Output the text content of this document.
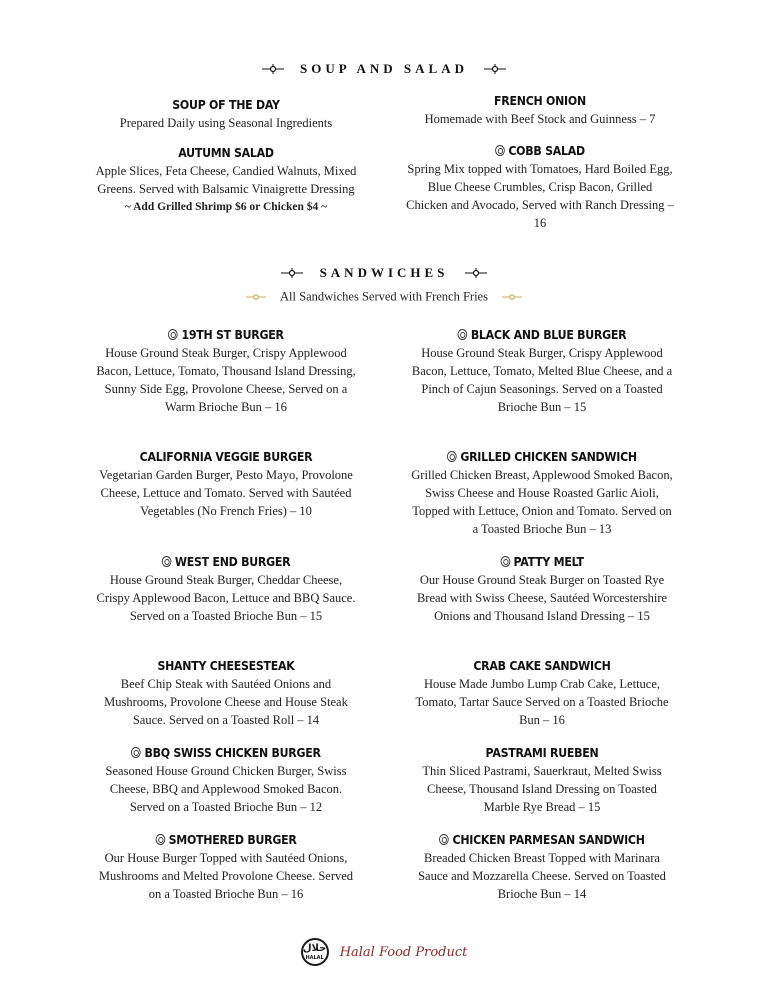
SOUP AND SALAD
SOUP OF THE DAY
Prepared Daily using Seasonal Ingredients
AUTUMN SALAD
Apple Slices, Feta Cheese, Candied Walnuts, Mixed Greens. Served with Balsamic Vinaigrette Dressing
~ Add Grilled Shrimp $6 or Chicken $4 ~
FRENCH ONION
Homemade with Beef Stock and Guinness – 7
COBB SALAD
Spring Mix topped with Tomatoes, Hard Boiled Egg, Blue Cheese Crumbles, Crisp Bacon, Grilled Chicken and Avocado, Served with Ranch Dressing – 16
SANDWICHES
All Sandwiches Served with French Fries
19TH ST BURGER
House Ground Steak Burger, Crispy Applewood Bacon, Lettuce, Tomato, Thousand Island Dressing, Sunny Side Egg, Provolone Cheese, Served on a Warm Brioche Bun – 16
CALIFORNIA VEGGIE BURGER
Vegetarian Garden Burger, Pesto Mayo, Provolone Cheese, Lettuce and Tomato. Served with Sautéed Vegetables (No French Fries) – 10
WEST END BURGER
House Ground Steak Burger, Cheddar Cheese, Crispy Applewood Bacon, Lettuce and BBQ Sauce. Served on a Toasted Brioche Bun – 15
SHANTY CHEESESTEAK
Beef Chip Steak with Sautéed Onions and Mushrooms, Provolone Cheese and House Steak Sauce. Served on a Toasted Roll – 14
BBQ SWISS CHICKEN BURGER
Seasoned House Ground Chicken Burger, Swiss Cheese, BBQ and Applewood Smoked Bacon. Served on a Toasted Brioche Bun – 12
SMOTHERED BURGER
Our House Burger Topped with Sautéed Onions, Mushrooms and Melted Provolone Cheese. Served on a Toasted Brioche Bun – 16
BLACK AND BLUE BURGER
House Ground Steak Burger, Crispy Applewood Bacon, Lettuce, Tomato, Melted Blue Cheese, and a Pinch of Cajun Seasonings. Served on a Toasted Brioche Bun – 15
GRILLED CHICKEN SANDWICH
Grilled Chicken Breast, Applewood Smoked Bacon, Swiss Cheese and House Roasted Garlic Aioli, Topped with Lettuce, Onion and Tomato. Served on a Toasted Brioche Bun – 13
PATTY MELT
Our House Ground Steak Burger on Toasted Rye Bread with Swiss Cheese, Sautéed Worcestershire Onions and Thousand Island Dressing – 15
CRAB CAKE SANDWICH
House Made Jumbo Lump Crab Cake, Lettuce, Tomato, Tartar Sauce Served on a Toasted Brioche Bun – 16
PASTRAMI RUEBEN
Thin Sliced Pastrami, Sauerkraut, Melted Swiss Cheese, Thousand Island Dressing on Toasted Marble Rye Bread – 15
CHICKEN PARMESAN SANDWICH
Breaded Chicken Breast Topped with Marinara Sauce and Mozzarella Cheese. Served on Toasted Brioche Bun – 14
حلال
HALAL Halal Food Product
